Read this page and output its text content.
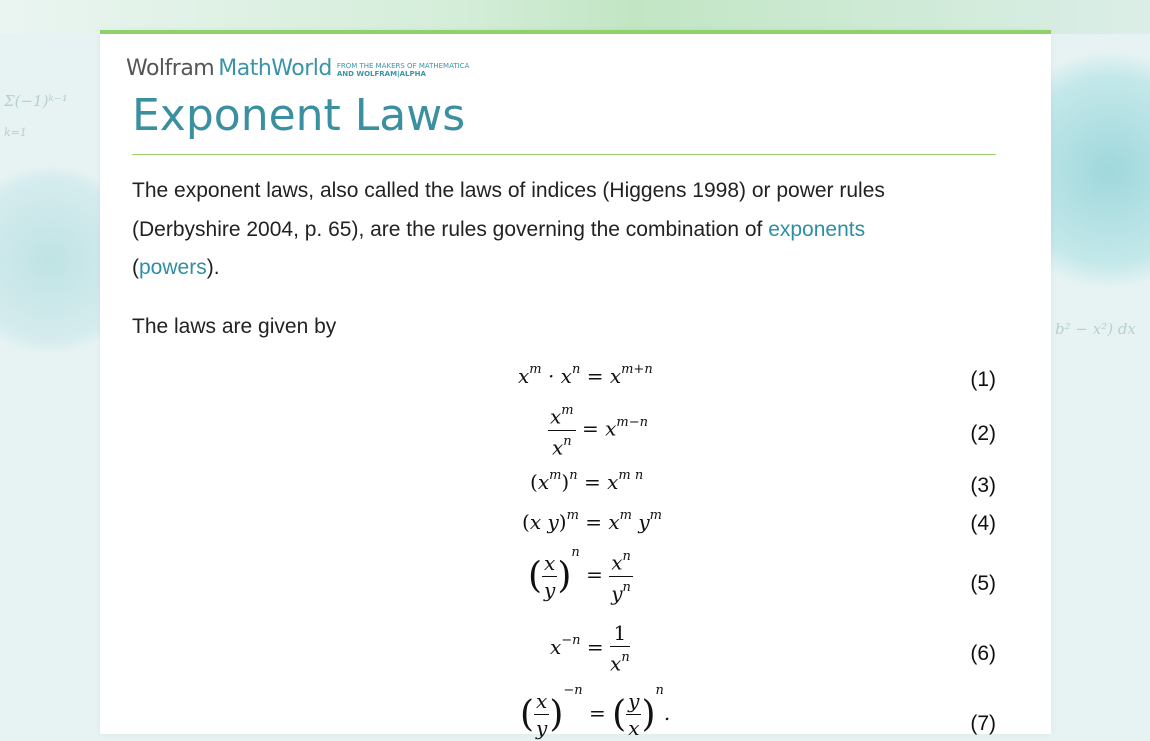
Σ(−1)ᵏ⁻¹
k=1
b² − x²) dx
Wolfram MathWorld FROM THE MAKERS OF MATHEMATICA
AND WOLFRAM|ALPHA
Exponent Laws
The exponent laws, also called the laws of indices (Higgens 1998) or power rules (Derbyshire 2004, p. 65), are the rules governing the combination of exponents (powers).
The laws are given by
$x^m \cdot x^n = x^{m+n}$	(1)
$\frac{x^m}{x^n} = x^{m-n}$	(2)
$(x^m)^n = x^{m n}$	(3)
(x $y)^m = x^m$ $y^m$	(4)
( $\frac{x}{y} )^n = \frac{x^n}{y^n}$	(5)
$x^{-n} = \frac{1}{x^n}$	(6)
( $\frac{x}{y} )^{-n}$ = ( $\frac{y}{x} )^n$.	(7)
